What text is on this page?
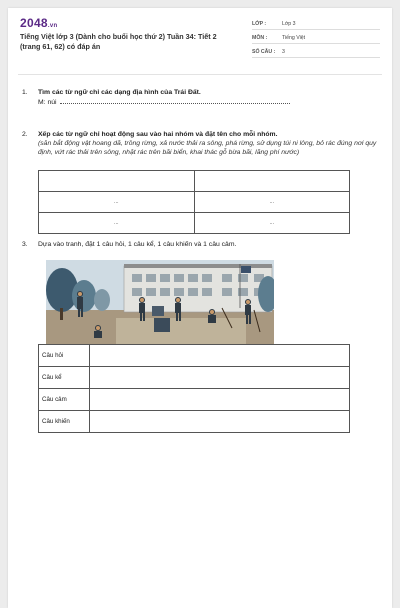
2048.vn
Tiếng Việt lớp 3 (Dành cho buổi học thứ 2) Tuần 34: Tiết 2 (trang 61, 62) có đáp án
LỚP :	Lớp 3
MÔN :	Tiếng Việt
SỐ CÂU :	3
1.	Tìm các từ ngữ chỉ các dạng địa hình của Trái Đất.
M: núi
2.	Xếp các từ ngữ chỉ hoạt động sau vào hai nhóm và đặt tên cho mỗi nhóm.
(săn bắt động vật hoang dã, trồng rừng, xả nước thải ra sông, phá rừng, sử dụng túi ni lông, bỏ rác đúng nơi quy định, vứt rác thải trên sông, nhặt rác trên bãi biển, khai thác gỗ bừa bãi, lãng phí nước)

...	...
...	...
3.	Dựa vào tranh, đặt 1 câu hỏi, 1 câu kể, 1 câu khiến và 1 câu cảm.
Câu hỏi	
Câu kể	
Câu cảm	
Câu khiến	
